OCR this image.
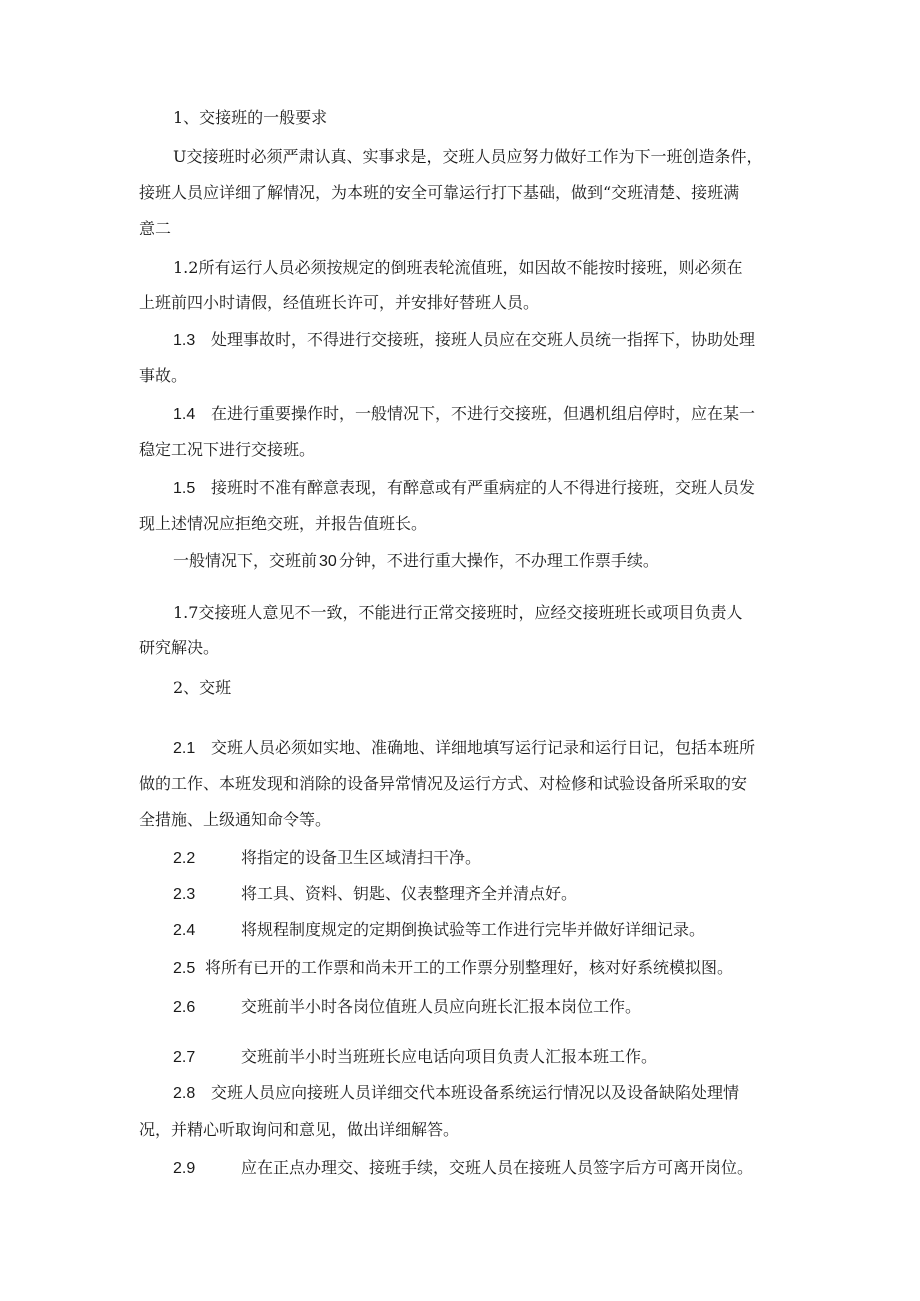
1、交接班的一般要求
U交接班时必须严肃认真、实事求是，交班人员应努力做好工作为下一班创造条件，
接班人员应详细了解情况，为本班的安全可靠运行打下基础，做到“交班清楚、接班满
意二
1.2所有运行人员必须按规定的倒班表轮流值班，如因故不能按时接班，则必须在
上班前四小时请假，经值班长许可，并安排好替班人员。
1.3 处理事故时，不得进行交接班，接班人员应在交班人员统一指挥下，协助处理
事故。
1.4 在进行重要操作时，一般情况下，不进行交接班，但遇机组启停时，应在某一
稳定工况下进行交接班。
1.5 接班时不准有醉意表现，有醉意或有严重病症的人不得进行接班，交班人员发
现上述情况应拒绝交班，并报告值班长。
一般情况下，交班前 30 分钟，不进行重大操作，不办理工作票手续。
1.7交接班人意见不一致，不能进行正常交接班时，应经交接班班长或项目负责人
研究解决。
2、交班
2.1 交班人员必须如实地、准确地、详细地填写运行记录和运行日记，包括本班所
做的工作、本班发现和消除的设备异常情况及运行方式、对检修和试验设备所采取的安
全措施、上级通知命令等。
2.2	将指定的设备卫生区域清扫干净。
2.3	将工具、资料、钥匙、仪表整理齐全并清点好。
2.4	将规程制度规定的定期倒换试验等工作进行完毕并做好详细记录。
2.5 将所有已开的工作票和尚未开工的工作票分别整理好，核对好系统模拟图。
2.6	交班前半小时各岗位值班人员应向班长汇报本岗位工作。
2.7	交班前半小时当班班长应电话向项目负责人汇报本班工作。
2.8 交班人员应向接班人员详细交代本班设备系统运行情况以及设备缺陷处理情
况，并精心听取询问和意见，做出详细解答。
2.9	应在正点办理交、接班手续，交班人员在接班人员签字后方可离开岗位。
